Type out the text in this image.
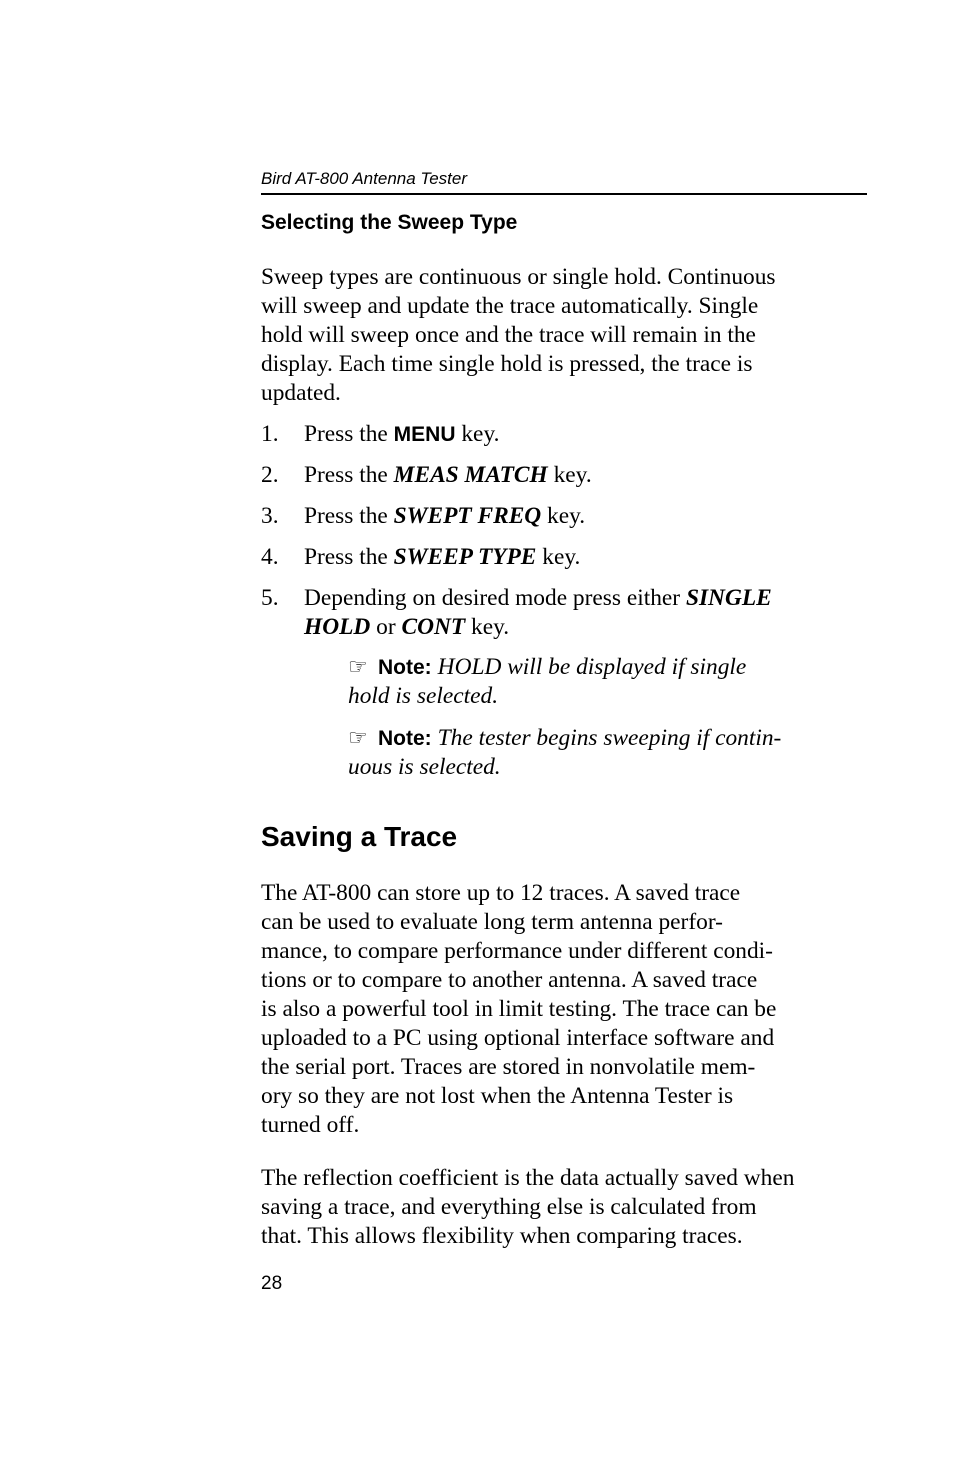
Bird AT-800 Antenna Tester
Selecting the Sweep Type
Sweep types are continuous or single hold. Continuous
will sweep and update the trace automatically. Single
hold will sweep once and the trace will remain in the
display. Each time single hold is pressed, the trace is
updated.
1.	Press the MENU key.
2.	Press the MEAS MATCH key.
3.	Press the SWEPT FREQ key.
4.	Press the SWEEP TYPE key.
5.	Depending on desired mode press either SINGLE
HOLD or CONT key.
☞ Note: HOLD will be displayed if single
hold is selected.
☞ Note: The tester begins sweeping if contin-
uous is selected.
Saving a Trace
The AT-800 can store up to 12 traces. A saved trace
can be used to evaluate long term antenna perfor-
mance, to compare performance under different condi-
tions or to compare to another antenna. A saved trace
is also a powerful tool in limit testing. The trace can be
uploaded to a PC using optional interface software and
the serial port. Traces are stored in nonvolatile mem-
ory so they are not lost when the Antenna Tester is
turned off.
The reflection coefficient is the data actually saved when
saving a trace, and everything else is calculated from
that. This allows flexibility when comparing traces.
28
